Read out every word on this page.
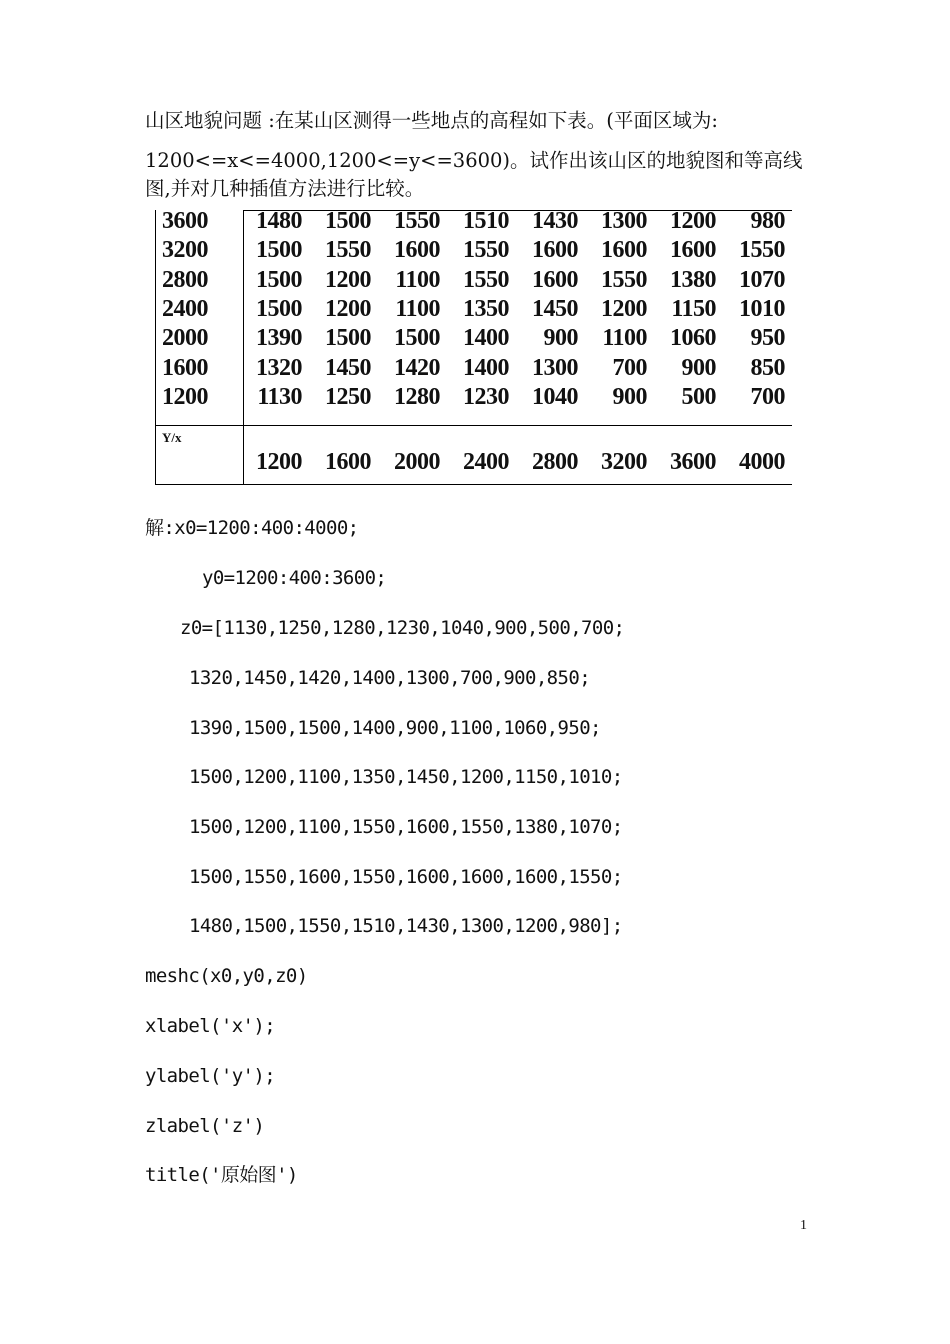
山区地貌问题 :在某山区测得一些地点的高程如下表。(平面区域为:
1200<=x<=4000,1200<=y<=3600)。试作出该山区的地貌图和等高线
图,并对几种插值方法进行比较。
3600	1480 1500 1550 1510 1430 1300 1200	980
3200	1500 1550 1600 1550 1600 1600 1600 1550
2800	1500 1200	1100 1550 1600 1550 1380 1070
2400	1500 1200	1100 1350 1450 1200	1150 1010
2000	1390 1500 1500 1400	900	1100 1060	950
1600	1320 1450 1420 1400 1300	700	900	850
1200	1130 1250 1280 1230 1040	900	500	700
Y/x
1200 1600 2000 2400 2800 3200 3600 4000
解:x0=1200:400:4000;
y0=1200:400:3600;
z0=[1130,1250,1280,1230,1040,900,500,700;
1320,1450,1420,1400,1300,700,900,850;
1390,1500,1500,1400,900,1100,1060,950;
1500,1200,1100,1350,1450,1200,1150,1010;
1500,1200,1100,1550,1600,1550,1380,1070;
1500,1550,1600,1550,1600,1600,1600,1550;
1480,1500,1550,1510,1430,1300,1200,980];
meshc(x0,y0,z0)
xlabel('x');
ylabel('y');
zlabel('z')
title('原始图')
1
